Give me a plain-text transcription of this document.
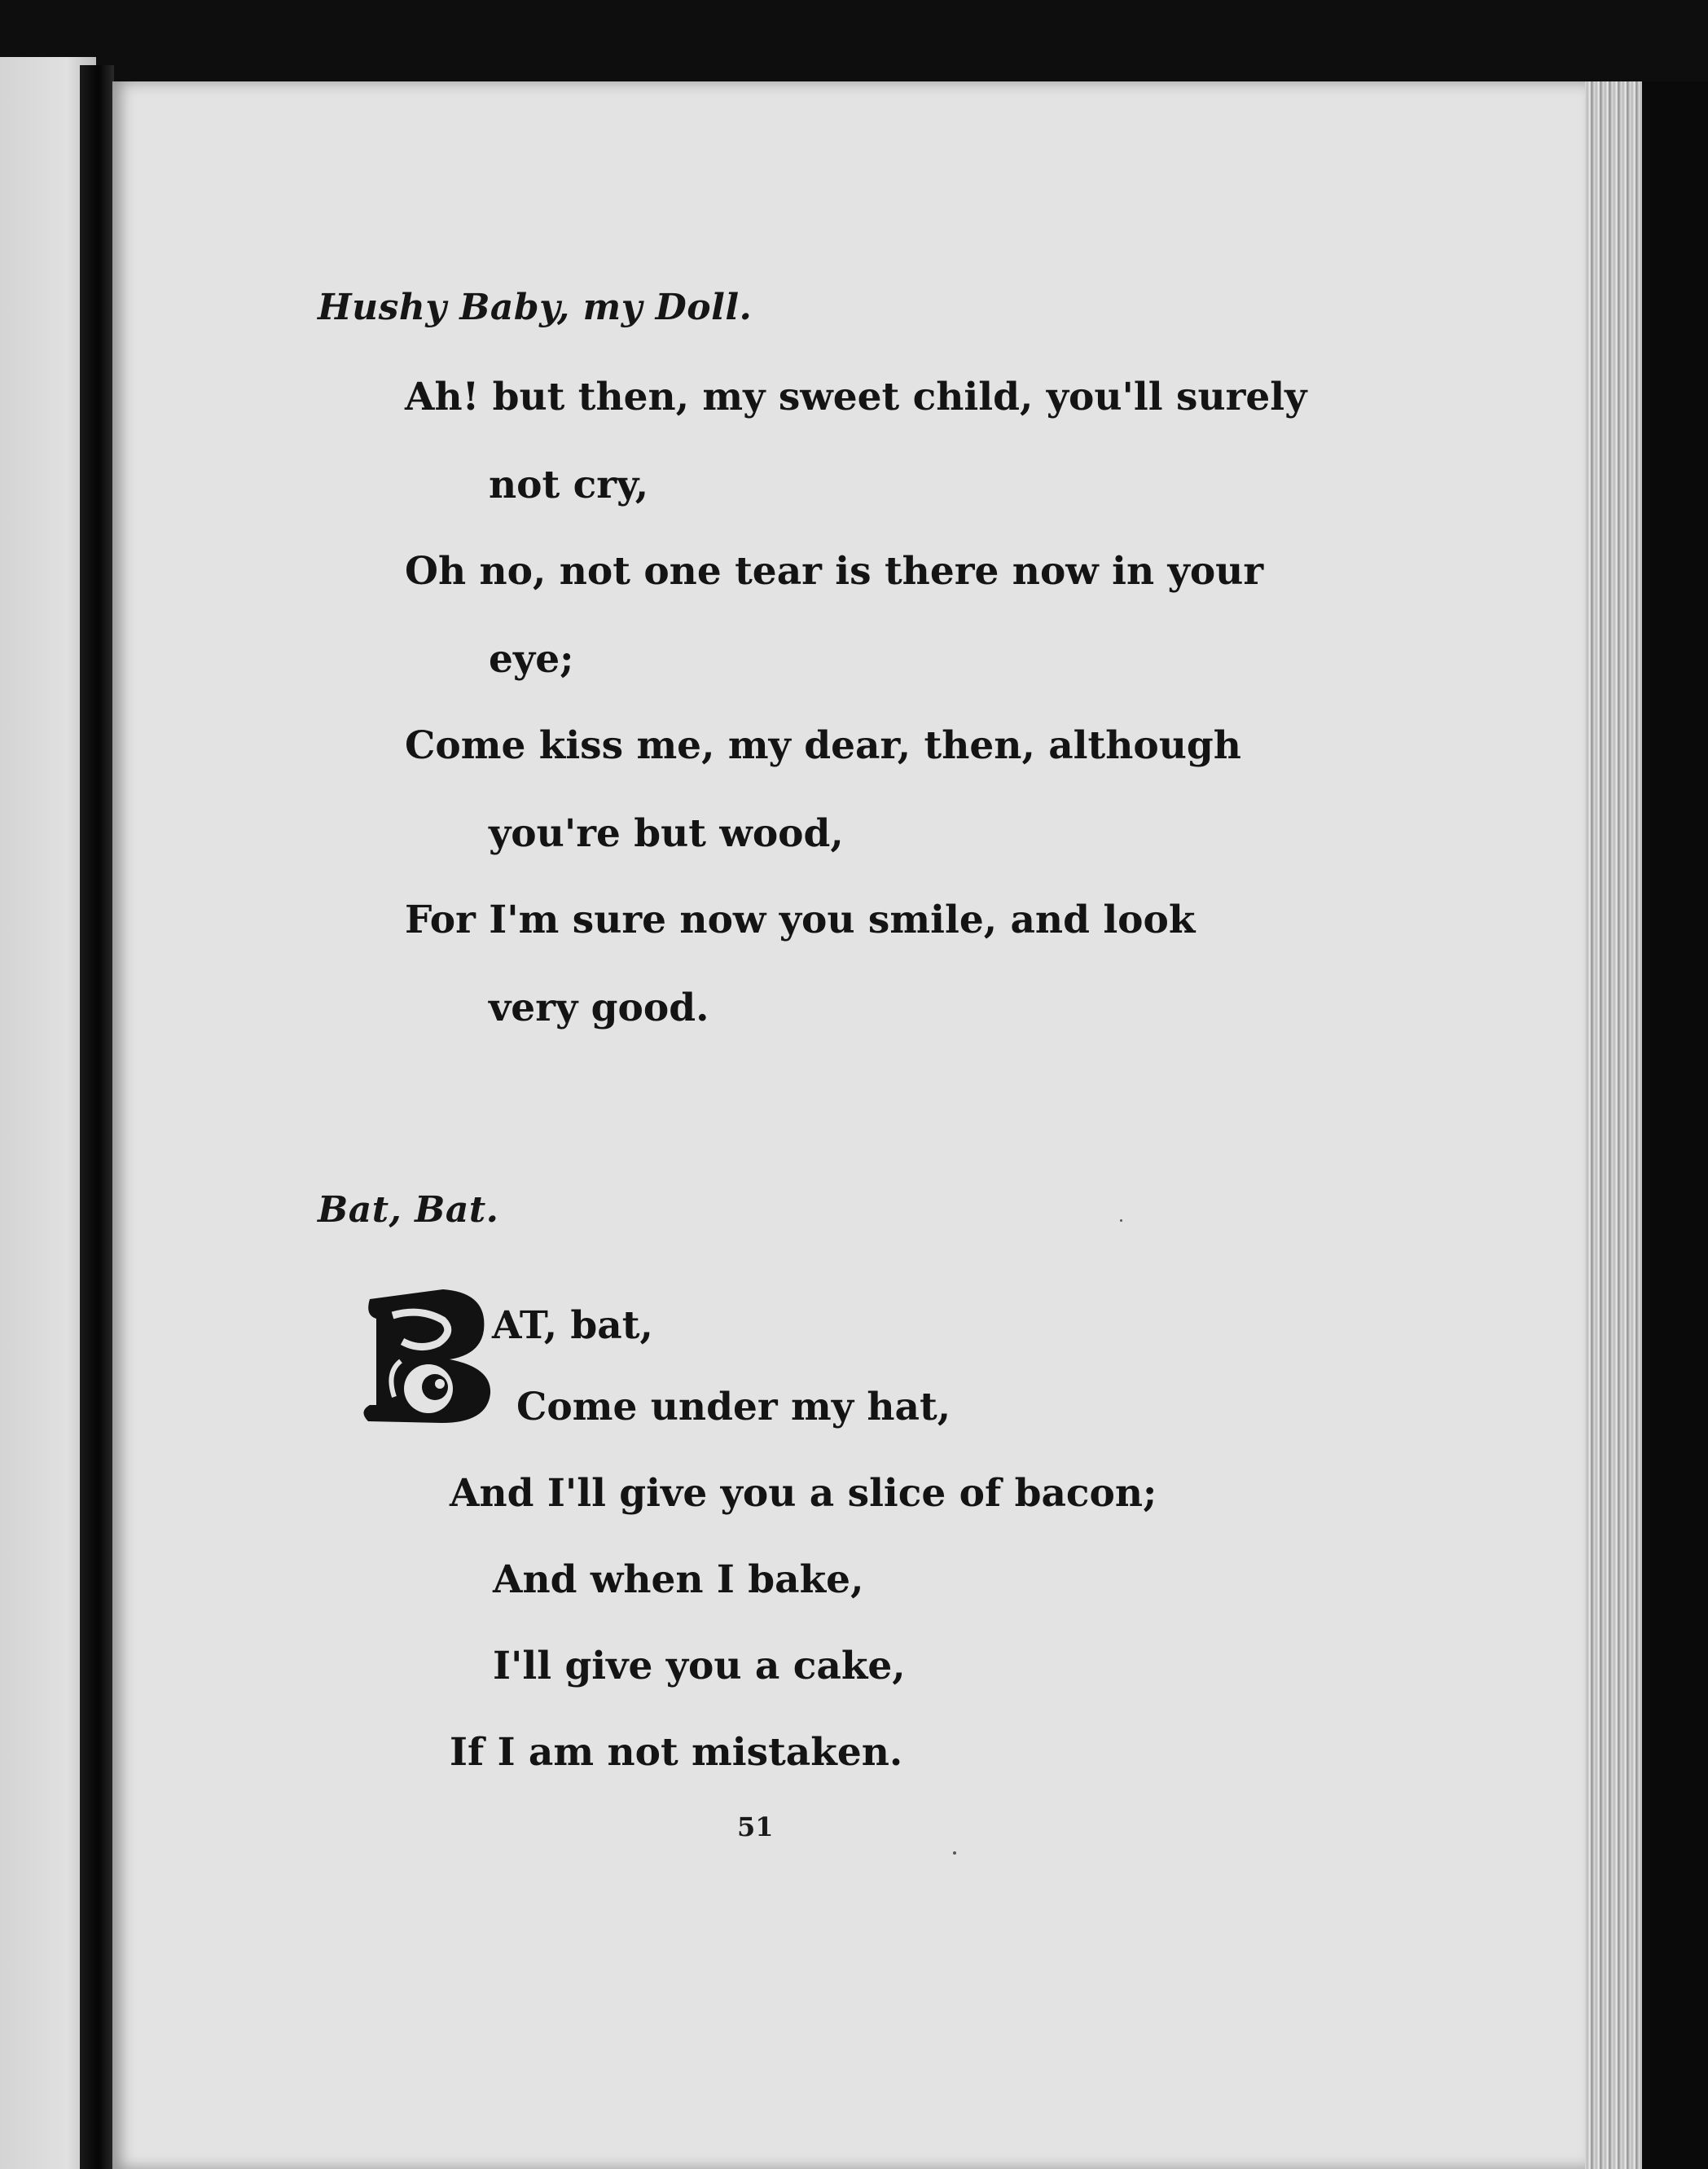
Hushy Baby, my Doll.
Ah! but then, my sweet child, you'll surely
not cry,
Oh no, not one tear is there now in your
eye;
Come kiss me, my dear, then, although
you're but wood,
For I'm sure now you smile, and look
very good.
Bat, Bat.
AT, bat,
Come under my hat,
And I'll give you a slice of bacon;
And when I bake,
I'll give you a cake,
If I am not mistaken.
51
